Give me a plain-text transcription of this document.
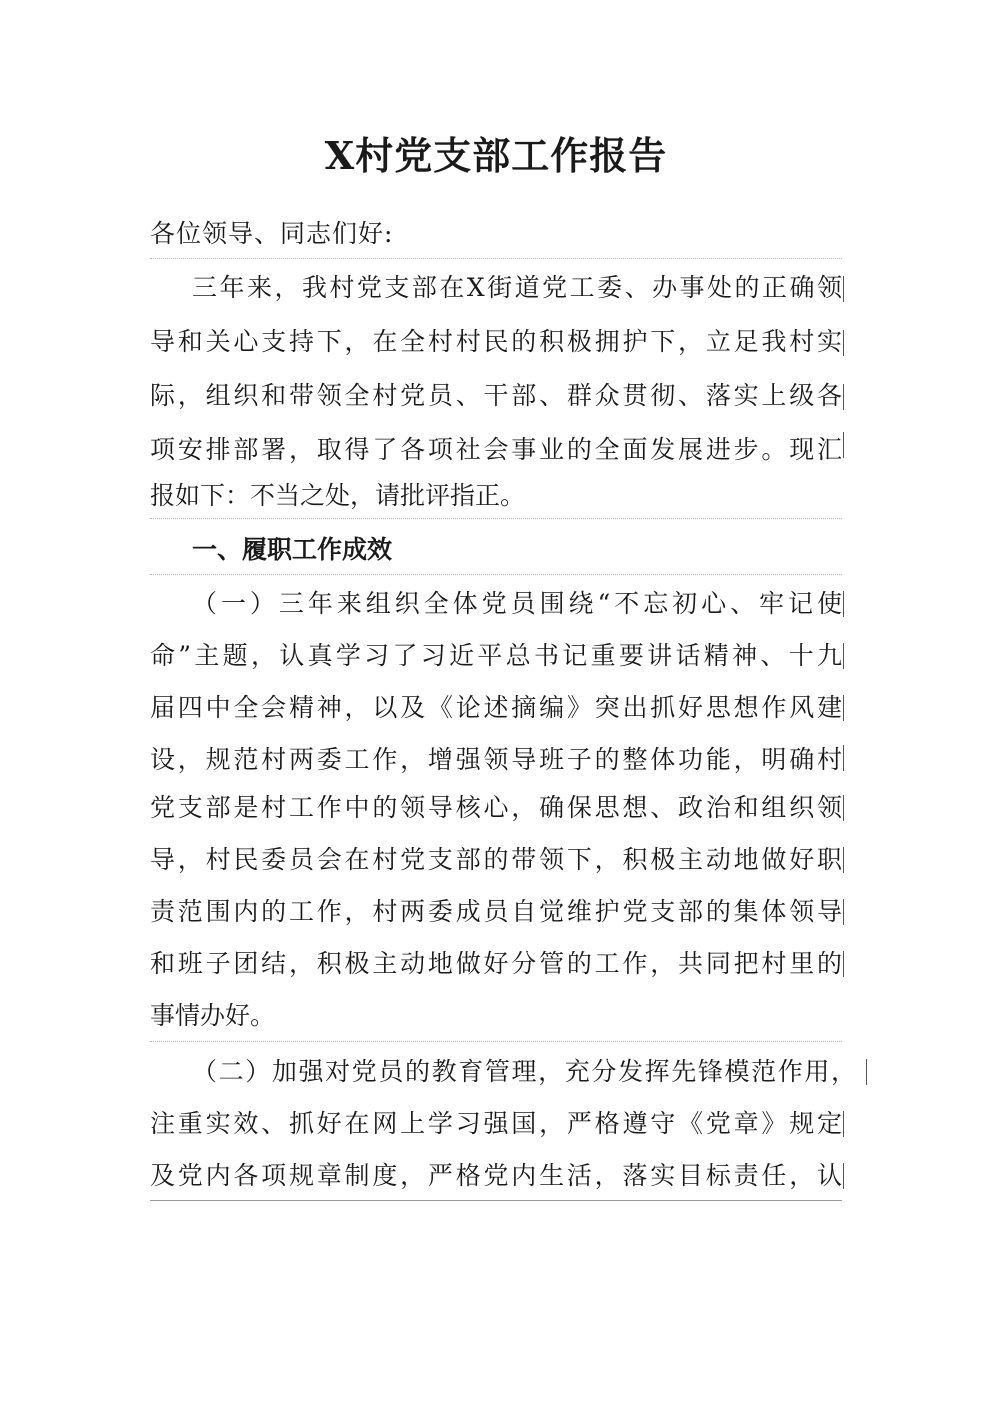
X村党支部工作报告
各位领导、同志们好:
三年来，我村党支部在X街道党工委、办事处的正确领
导和关心支持下，在全村村民的积极拥护下，立足我村实
际，组织和带领全村党员、干部、群众贯彻、落实上级各
项安排部署，取得了各项社会事业的全面发展进步。现汇
报如下：不当之处，请批评指正。
一、履职工作成效
（一）三年来组织全体党员围绕“不忘初心、牢记使
命”主题，认真学习了习近平总书记重要讲话精神、十九
届四中全会精神，以及《论述摘编》突出抓好思想作风建
设，规范村两委工作，增强领导班子的整体功能，明确村
党支部是村工作中的领导核心，确保思想、政治和组织领
导，村民委员会在村党支部的带领下，积极主动地做好职
责范围内的工作，村两委成员自觉维护党支部的集体领导
和班子团结，积极主动地做好分管的工作，共同把村里的
事情办好。
（二）加强对党员的教育管理，充分发挥先锋模范作用，
注重实效、抓好在网上学习强国，严格遵守《党章》规定
及党内各项规章制度，严格党内生活，落实目标责任，认
